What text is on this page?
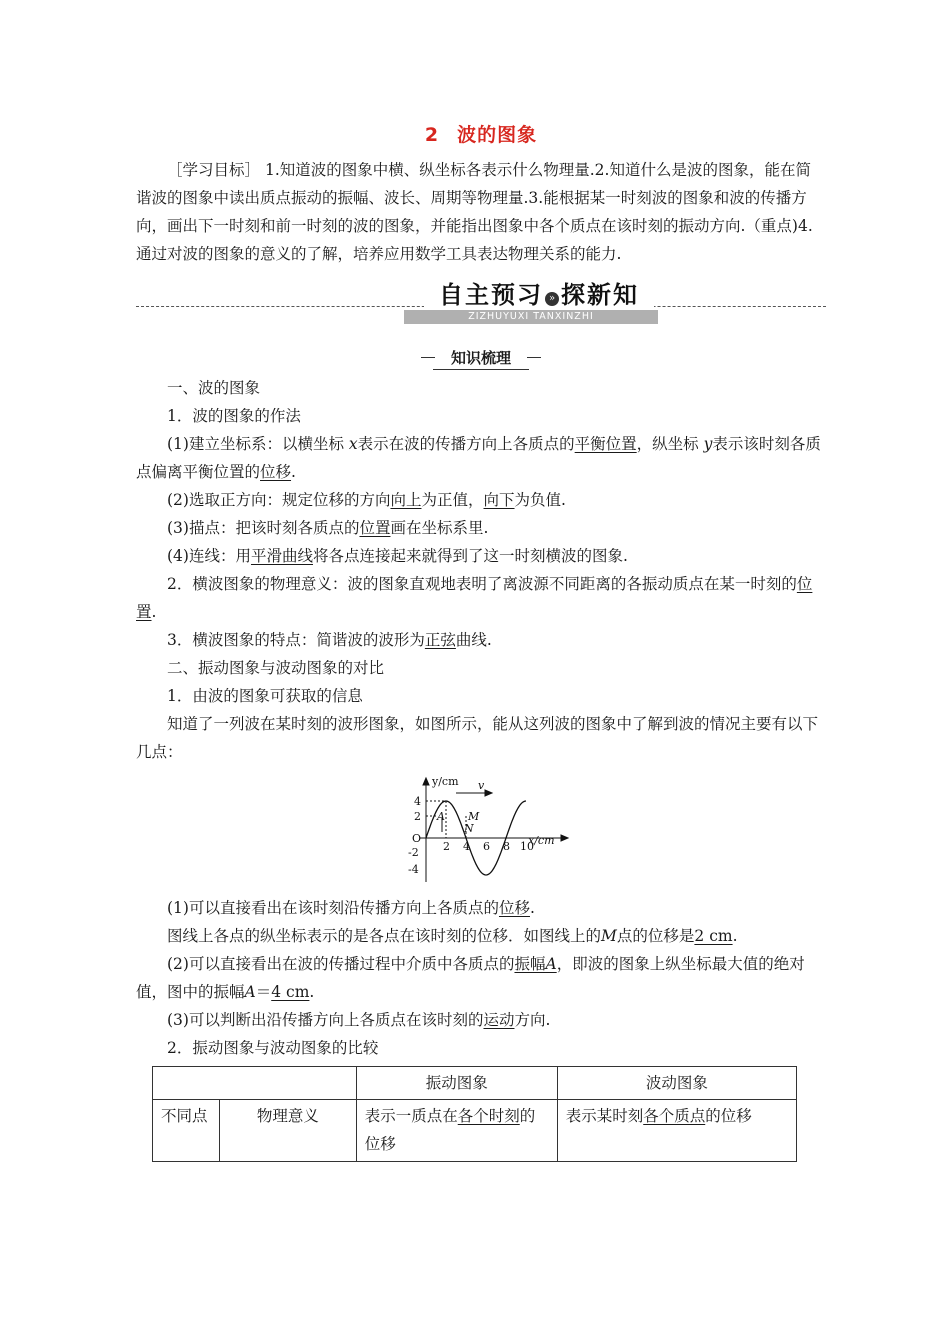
2 波的图象

［学习目标］ 1.知道波的图象中横、纵坐标各表示什么物理量.2.知道什么是波的图象，能在简谐波的图象中读出质点振动的振幅、波长、周期等物理量.3.能根据某一时刻波的图象和波的传播方向，画出下一时刻和前一时刻的波的图象，并能指出图象中各个质点在该时刻的振动方向.（重点)4.通过对波的图象的意义的了解，培养应用数学工具表达物理关系的能力.

自主预习 » 探新知
ZIZHUYUXI TANXINZHI
知识梳理

一、波的图象

1．波的图象的作法

(1)建立坐标系：以横坐标 x表示在波的传播方向上各质点的平衡位置，纵坐标 y表示该时刻各质点偏离平衡位置的位移.

(2)选取正方向：规定位移的方向向上为正值，向下为负值.

(3)描点：把该时刻各质点的位置画在坐标系里.

(4)连线：用平滑曲线将各点连接起来就得到了这一时刻横波的图象.

2．横波图象的物理意义：波的图象直观地表明了离波源不同距离的各振动质点在某一时刻的位置.

3．横波图象的特点：简谐波的波形为正弦曲线.

二、振动图象与波动图象的对比

1．由波的图象可获取的信息

知道了一列波在某时刻的波形图象，如图所示，能从这列波的图象中了解到波的情况主要有以下几点：

y/cm
x/cm
O
v
A M
N
4
2
-2
-4
2 4 6 8 10

(1)可以直接看出在该时刻沿传播方向上各质点的位移.

图线上各点的纵坐标表示的是各点在该时刻的位移．如图线上的M点的位移是2 cm.

(2)可以直接看出在波的传播过程中介质中各质点的振幅A，即波的图象上纵坐标最大值的绝对值，图中的振幅A＝4 cm.

(3)可以判断出沿传播方向上各质点在该时刻的运动方向.

2．振动图象与波动图象的比较

		振动图象	波动图象
不同点	物理意义	表示一质点在各个时刻的位移	表示某时刻各个质点的位移
